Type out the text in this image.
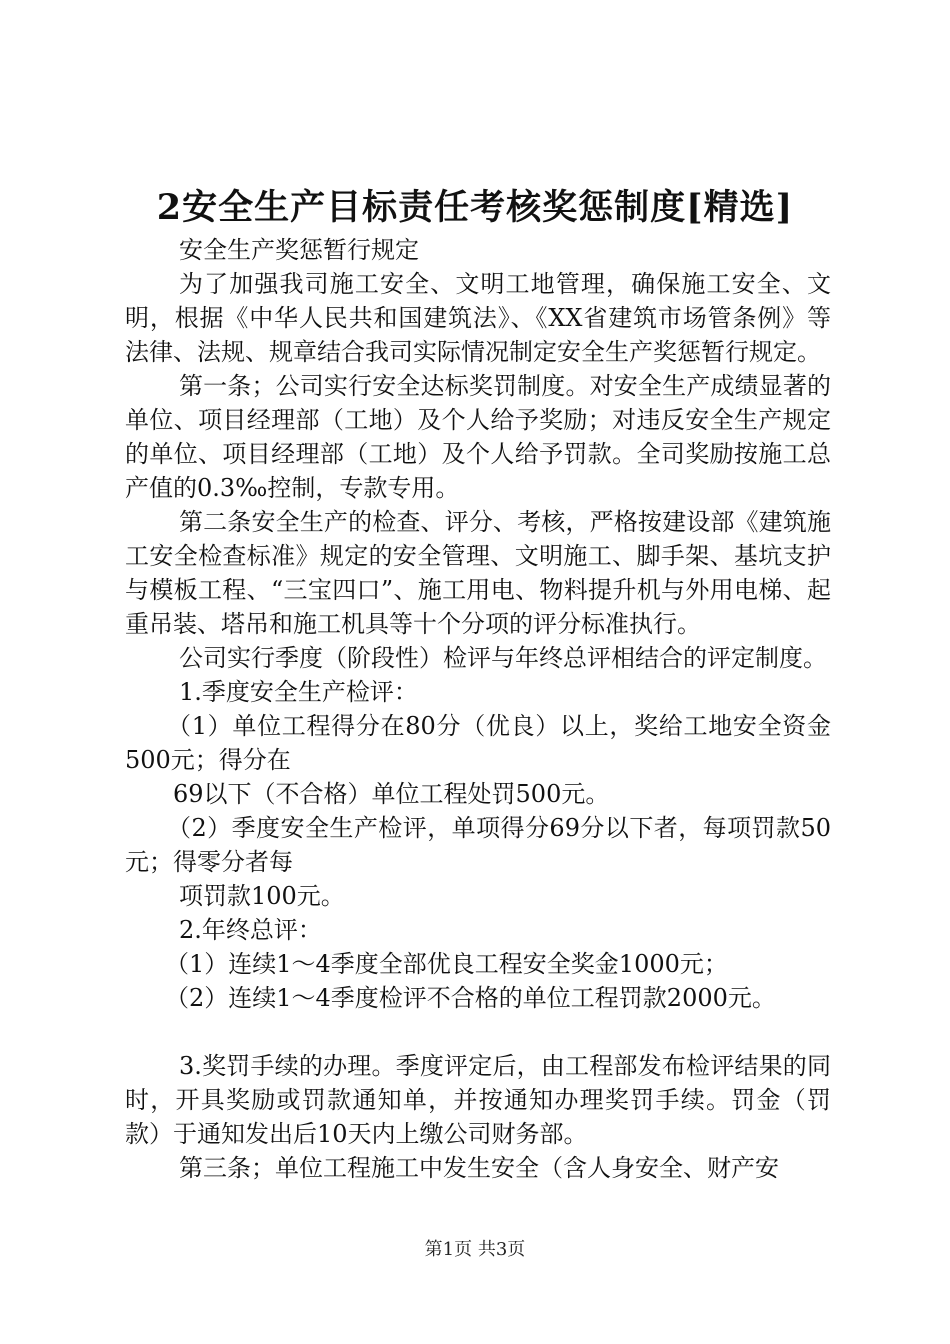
2安全生产目标责任考核奖惩制度[精选]

安全生产奖惩暂行规定

为了加强我司施工安全、文明工地管理，确保施工安全、文明，根据《中华人民共和国建筑法》、《XX省建筑市场管条例》等法律、法规、规章结合我司实际情况制定安全生产奖惩暂行规定。

第一条；公司实行安全达标奖罚制度。对安全生产成绩显著的单位、项目经理部（工地）及个人给予奖励；对违反安全生产规定的单位、项目经理部（工地）及个人给予罚款。全司奖励按施工总产值的0.3‰控制，专款专用。

第二条安全生产的检查、评分、考核，严格按建设部《建筑施工安全检查标准》规定的安全管理、文明施工、脚手架、基坑支护与模板工程、“三宝四口”、施工用电、物料提升机与外用电梯、起重吊装、塔吊和施工机具等十个分项的评分标准执行。

公司实行季度（阶段性）检评与年终总评相结合的评定制度。

1.季度安全生产检评：

（1）单位工程得分在80分（优良）以上，奖给工地安全资金500元；得分在

69以下（不合格）单位工程处罚500元。

（2）季度安全生产检评，单项得分69分以下者，每项罚款50元；得零分者每

项罚款100元。

2.年终总评：

（1）连续1～4季度全部优良工程安全奖金1000元；

（2）连续1～4季度检评不合格的单位工程罚款2000元。

3.奖罚手续的办理。季度评定后，由工程部发布检评结果的同时，开具奖励或罚款通知单，并按通知办理奖罚手续。罚金（罚款）于通知发出后10天内上缴公司财务部。

第三条；单位工程施工中发生安全（含人身安全、财产安

第1页 共3页
